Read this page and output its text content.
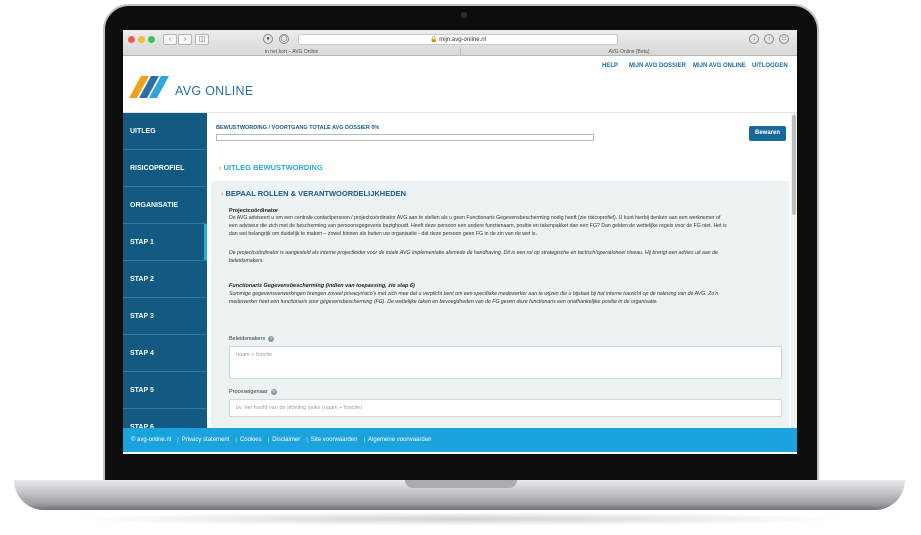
‹	›	◫	●	◯	🔒 mijn.avg-online.nl	↓	↑	□
In het kort – AVG Online	AVG Online (Beta)
AVG ONLINE
HELP MIJN AVG DOSSIER MIJN AVG ONLINE UITLOGGEN
UITLEG
RISICOPROFIEL
ORGANISATIE
STAP 1
STAP 2
STAP 3
STAP 4
STAP 5
STAP 6
BEWUSTWORDING / VOORTGANG TOTALE AVG DOSSIER 0%
Bewaren
› UITLEG BEWUSTWORDING
› BEPAAL ROLLEN & VERANTWOORDELIJKHEDEN
Projectcoördinator
De AVG adviseert u om een centrale contactpersoon / projectcoördinator AVG aan te stellen als u geen Functionaris Gegevensbescherming nodig heeft (zie risicoprofiel). U kunt hierbij denken aan een werknemer of een adviseur die zich met de bescherming van persoonsgegevens bezighoudt. Heeft deze persoon een andere functienaam, positie en takenpakket dan een FG? Dan gelden de wettelijke regels voor de FG niet. Het is dan wel belangrijk om duidelijk te maken – zowel binnen als buiten uw organisatie - dat deze persoon geen FG in de zin van de wet is.
De projectcoördinator is aangesteld als interne projectleider voor de totale AVG implementatie alsmede de handhaving. Dit is een rol op strategische en tactisch/operationeel niveau. Hij brengt een advies uit aan de beleidsmakers.
Functionaris Gegevensbescherming (indien van toepassing, zie stap 6)
Sommige gegevensverwerkingen brengen zoveel privacyrisico's met zich mee dat u verplicht bent om een specifieke medewerker aan te wijzen die u bijstaat bij het interne toezicht op de naleving van de AVG. Zo'n medewerker heet een functionaris voor gegevensbescherming (FG). De wettelijke taken en bevoegdheden van de FG geven deze functionaris een onafhankelijke positie in de organisatie.
Beleidsmakers ?
naam + functie
Proceseigenaar ?
bv. het hoofd van de afdeling sales (naam + functie)
© avg-online.nl | Privacy statement | Cookies | Disclaimer | Site voorwaarden | Algemene voorwaarden
